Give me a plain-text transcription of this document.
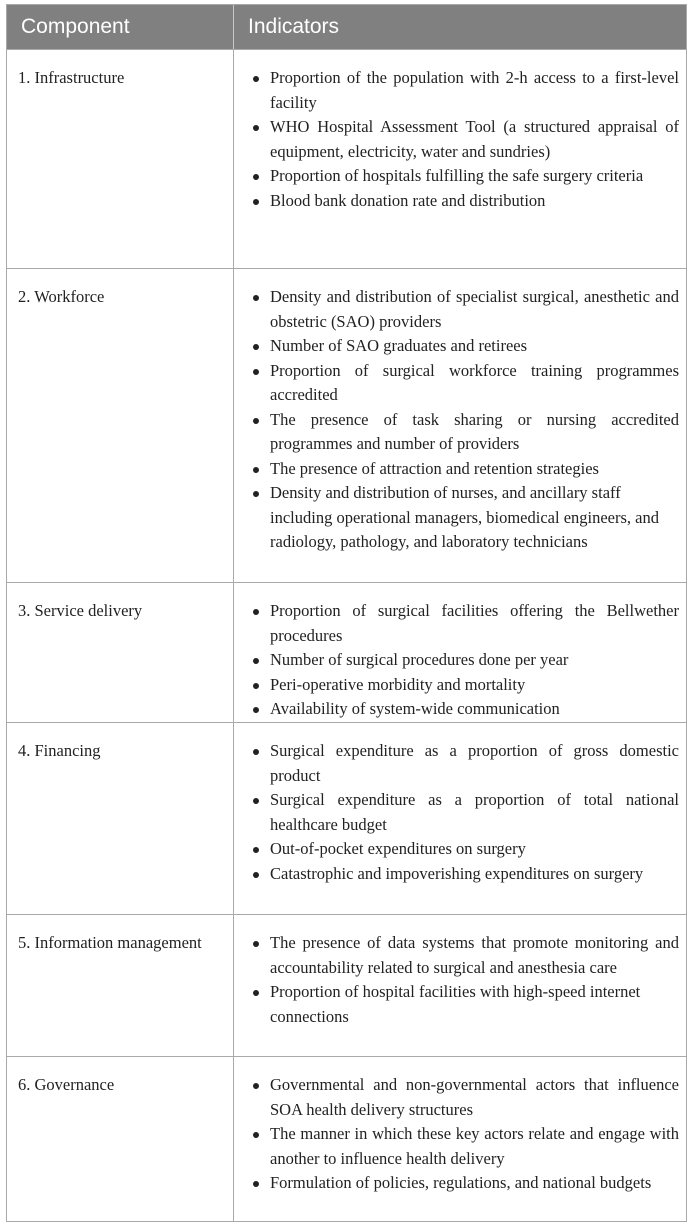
Component	Indicators
1. Infrastructure	Proportion of the population with 2-h access to a first-level facility
WHO Hospital Assessment Tool (a structured appraisal of equipment, electricity, water and sundries)
Proportion of hospitals fulfilling the safe surgery criteria
Blood bank donation rate and distribution
2. Workforce	Density and distribution of specialist surgical, anesthetic and obstetric (SAO) providers
Number of SAO graduates and retirees
Proportion of surgical workforce training programmes accredited
The presence of task sharing or nursing accredited programmes and number of providers
The presence of attraction and retention strategies
Density and distribution of nurses, and ancillary staff including operational managers, biomedical engineers, and radiology, pathology, and laboratory technicians
3. Service delivery	Proportion of surgical facilities offering the Bellwether procedures
Number of surgical procedures done per year
Peri-operative morbidity and mortality
Availability of system-wide communication
4. Financing	Surgical expenditure as a proportion of gross domestic product
Surgical expenditure as a proportion of total national healthcare budget
Out-of-pocket expenditures on surgery
Catastrophic and impoverishing expenditures on surgery
5. Information management	The presence of data systems that promote monitoring and accountability related to surgical and anesthesia care
Proportion of hospital facilities with high-speed internet connections
6. Governance	Governmental and non-governmental actors that influence SOA health delivery structures
The manner in which these key actors relate and engage with another to influence health delivery
Formulation of policies, regulations, and national budgets
